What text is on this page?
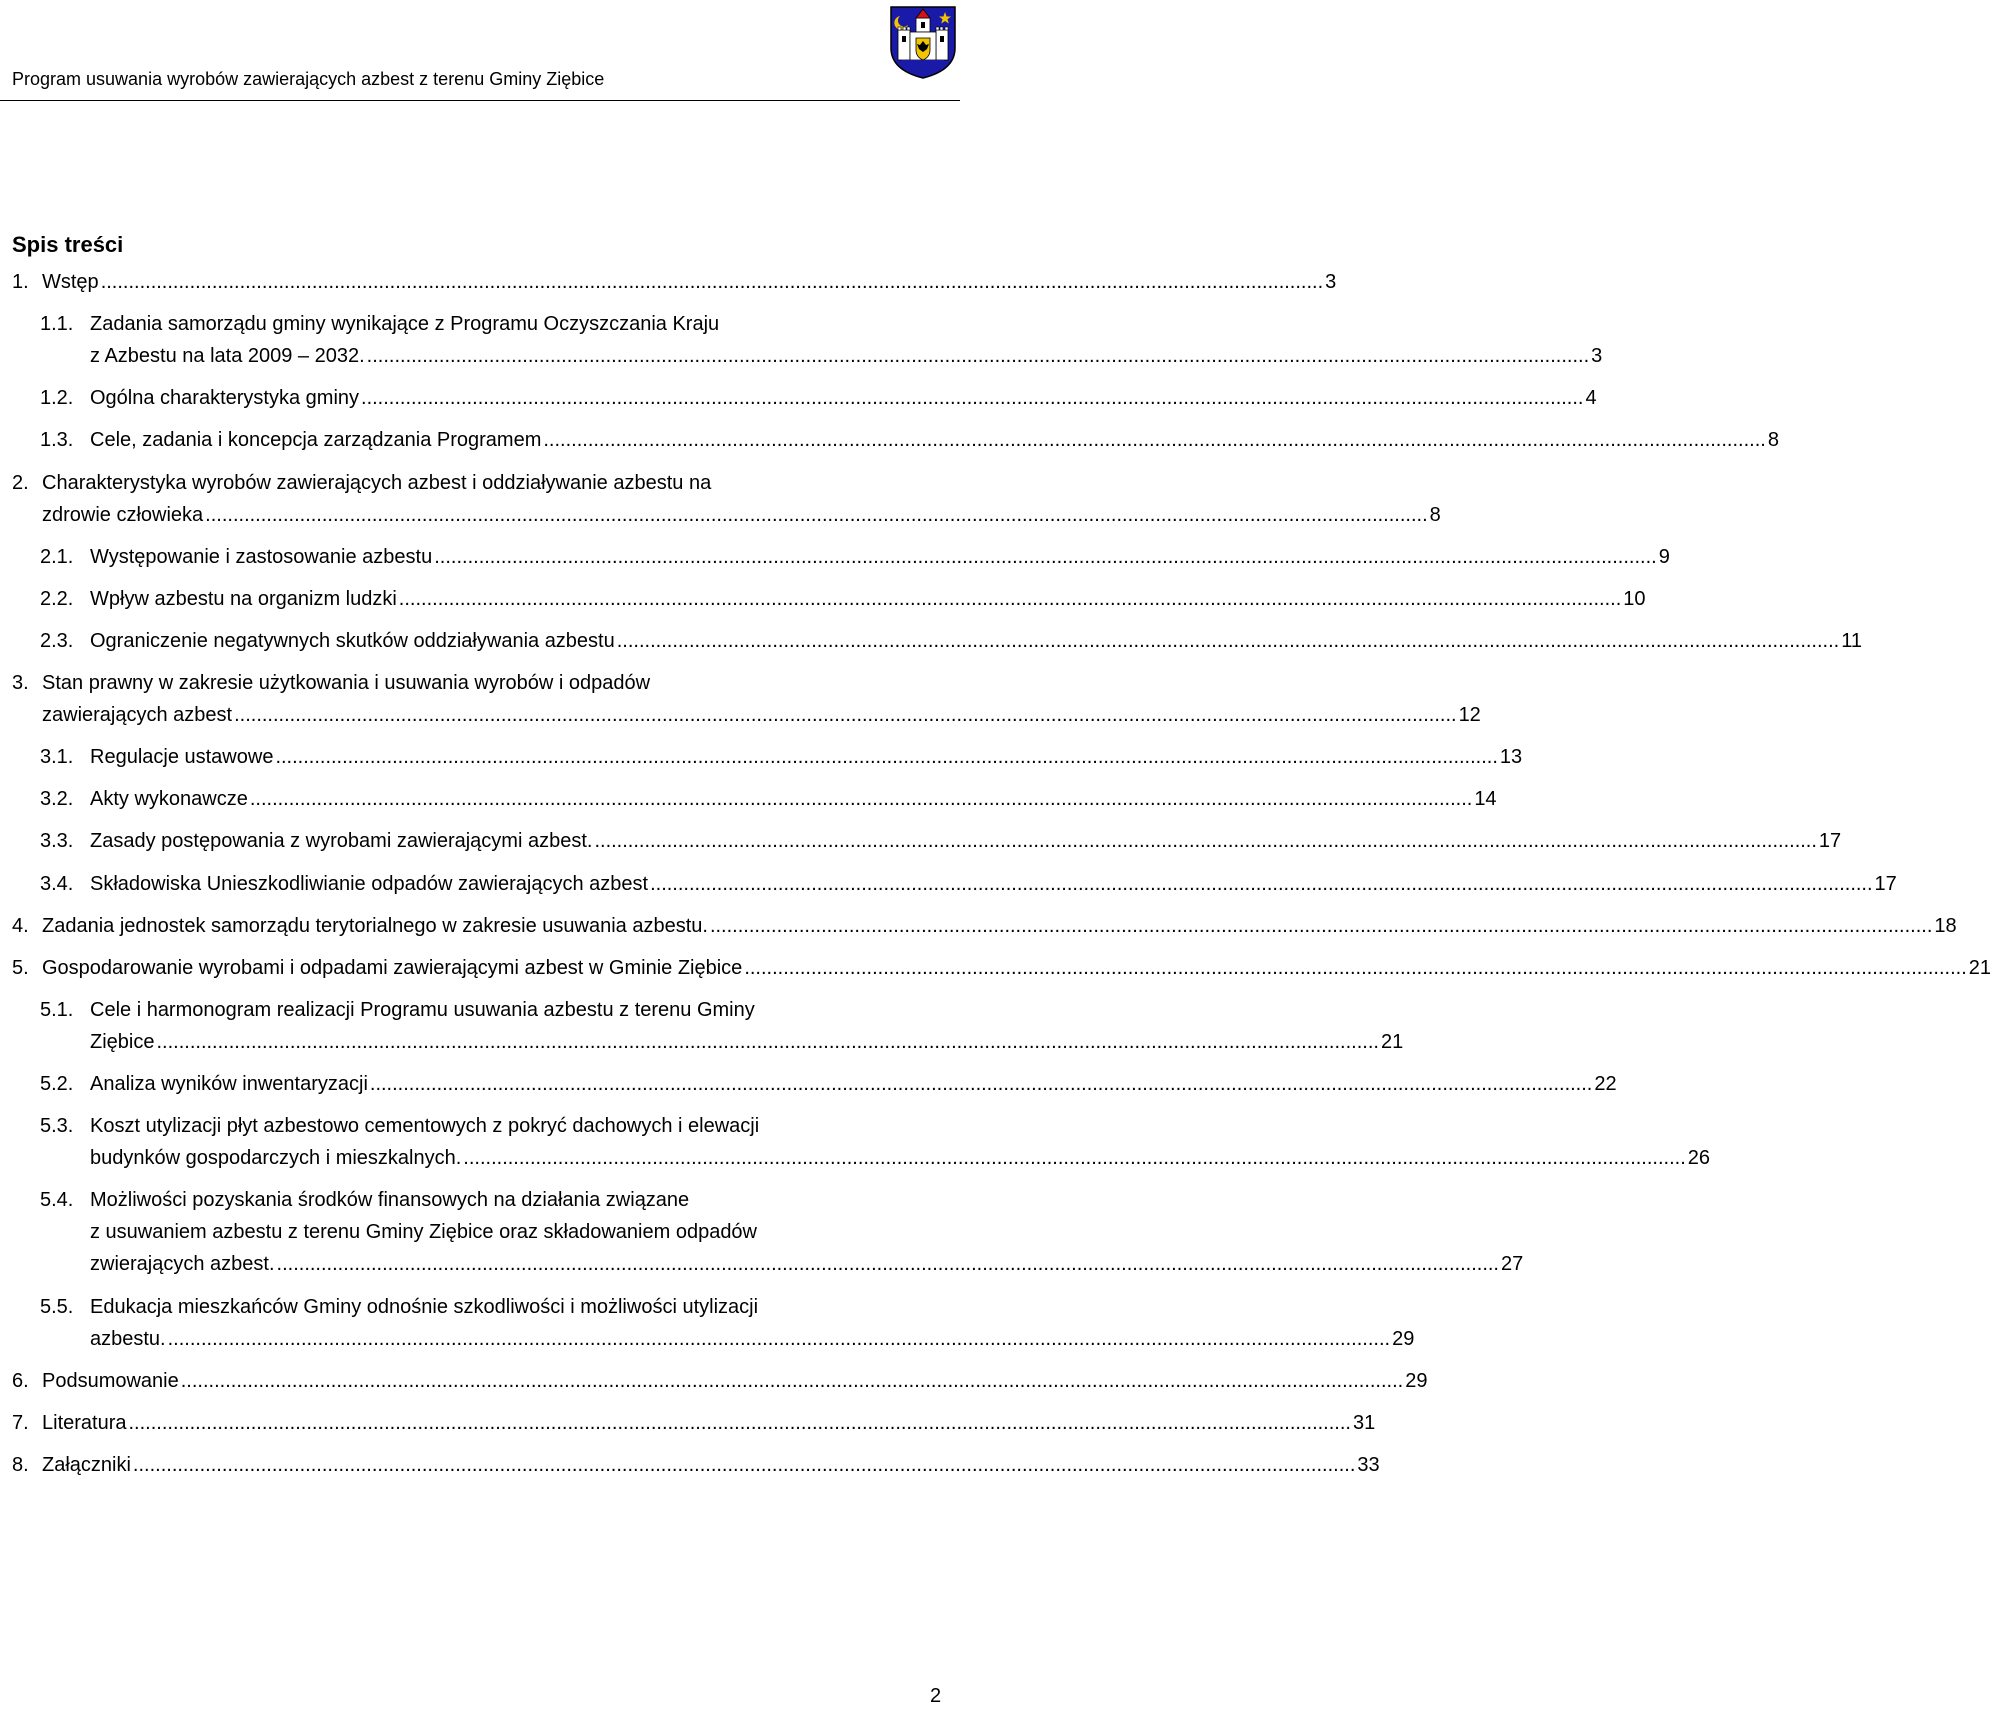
Program usuwania wyrobów zawierających azbest z terenu Gminy Ziębice
Spis treści
1. Wstęp ............................................................................................................................................................................................................................ 3
1.1. Zadania samorządu gminy wynikające z Programu Oczyszczania Kraju
z Azbestu na lata 2009 – 2032. ............................................................................................................................................................................................................................ 3
1.2. Ogólna charakterystyka gminy ............................................................................................................................................................................................................................ 4
1.3. Cele, zadania i koncepcja zarządzania Programem ............................................................................................................................................................................................................................ 8
2. Charakterystyka wyrobów zawierających azbest i oddziaływanie azbestu na
zdrowie człowieka ............................................................................................................................................................................................................................ 8
2.1. Występowanie i zastosowanie azbestu ............................................................................................................................................................................................................................ 9
2.2. Wpływ azbestu na organizm ludzki ............................................................................................................................................................................................................................ 10
2.3. Ograniczenie negatywnych skutków oddziaływania azbestu ............................................................................................................................................................................................................................ 11
3. Stan prawny w zakresie użytkowania i usuwania wyrobów i odpadów
zawierających azbest ............................................................................................................................................................................................................................ 12
3.1. Regulacje ustawowe ............................................................................................................................................................................................................................ 13
3.2. Akty wykonawcze ............................................................................................................................................................................................................................ 14
3.3. Zasady postępowania z wyrobami zawierającymi azbest. ............................................................................................................................................................................................................................ 17
3.4. Składowiska Unieszkodliwianie odpadów zawierających azbest ............................................................................................................................................................................................................................ 17
4. Zadania jednostek samorządu terytorialnego w zakresie usuwania azbestu. ............................................................................................................................................................................................................................ 18
5. Gospodarowanie wyrobami i odpadami zawierającymi azbest w Gminie Ziębice ............................................................................................................................................................................................................................ 21
5.1. Cele i harmonogram realizacji Programu usuwania azbestu z terenu Gminy
Ziębice ............................................................................................................................................................................................................................ 21
5.2. Analiza wyników inwentaryzacji ............................................................................................................................................................................................................................ 22
5.3. Koszt utylizacji płyt azbestowo cementowych z pokryć dachowych i elewacji
budynków gospodarczych i mieszkalnych. ............................................................................................................................................................................................................................ 26
5.4. Możliwości pozyskania środków finansowych na działania związane
z usuwaniem azbestu z terenu Gminy Ziębice oraz składowaniem odpadów
zwierających azbest. ............................................................................................................................................................................................................................ 27
5.5. Edukacja mieszkańców Gminy odnośnie szkodliwości i możliwości utylizacji
azbestu. ............................................................................................................................................................................................................................ 29
6. Podsumowanie ............................................................................................................................................................................................................................ 29
7. Literatura ............................................................................................................................................................................................................................ 31
8. Załączniki ............................................................................................................................................................................................................................ 33
2
